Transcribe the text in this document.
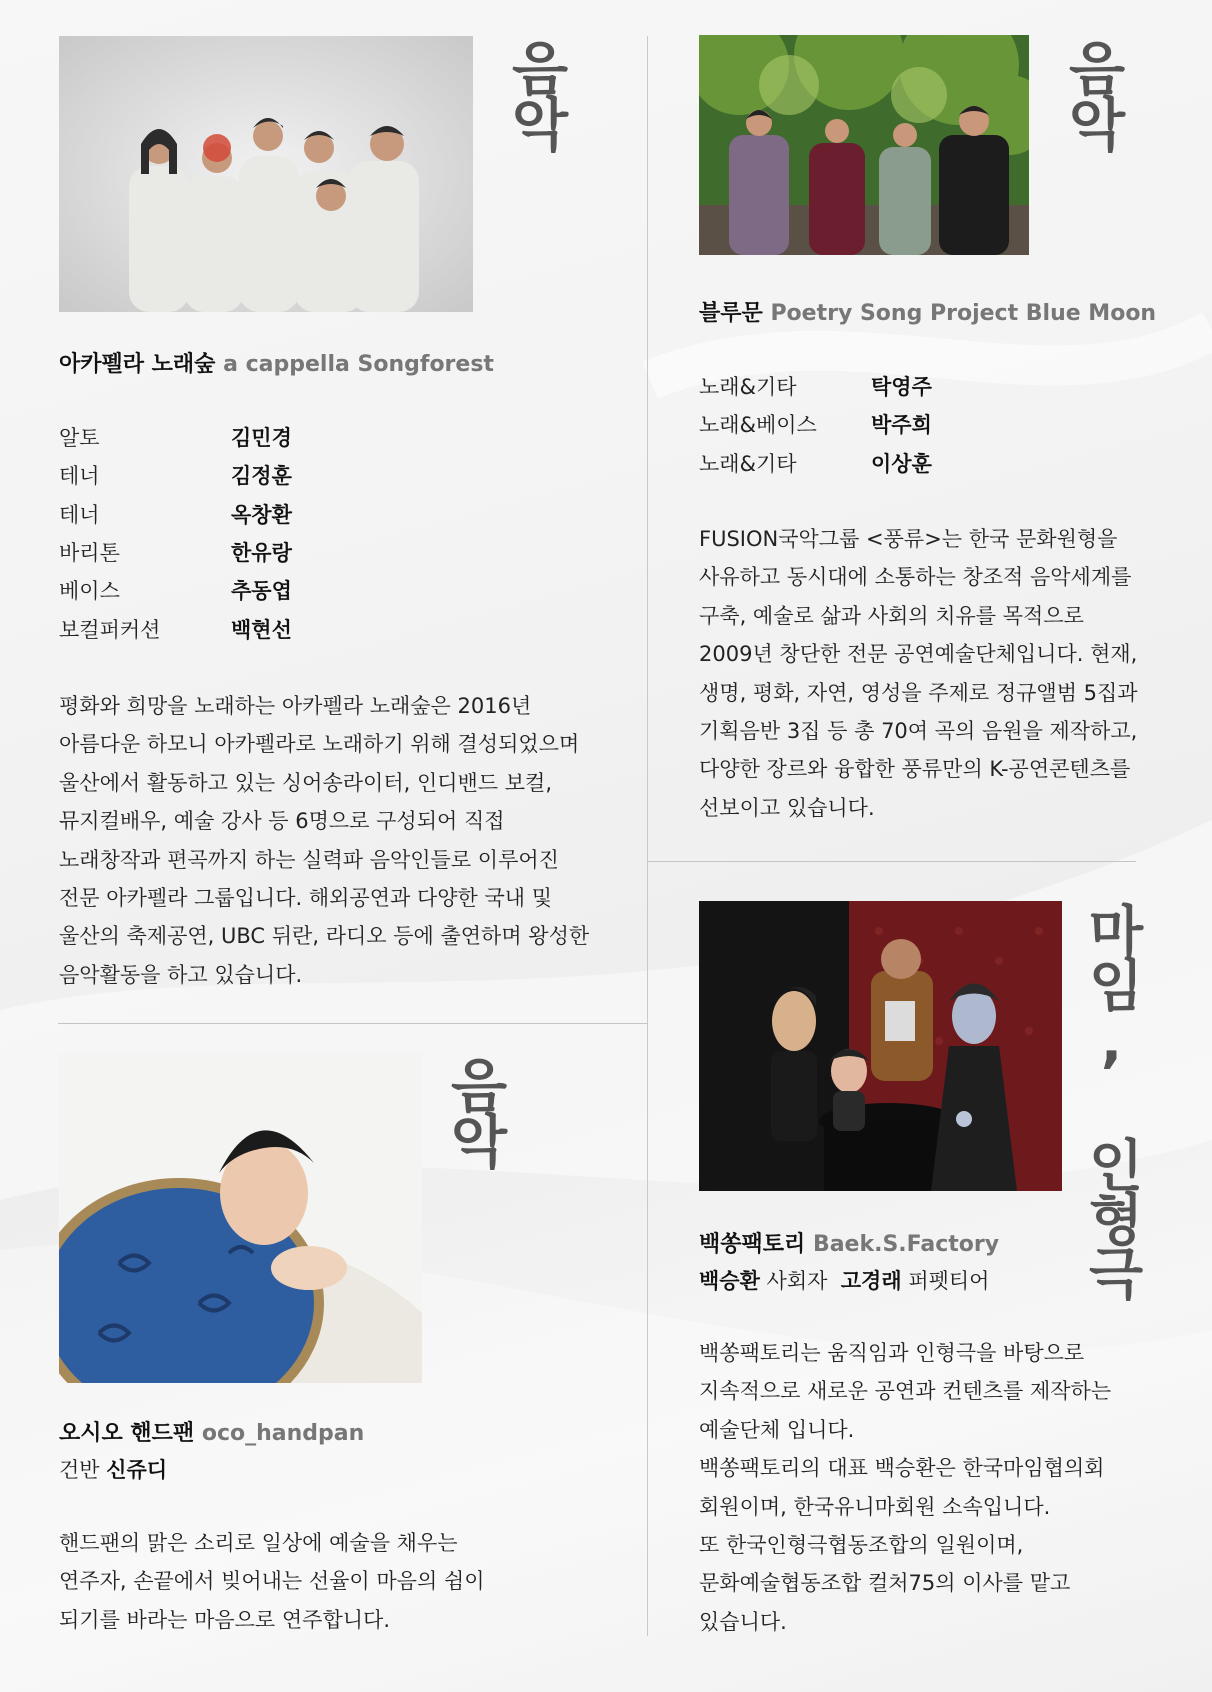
음악
아카펠라 노래숲 a cappella Songforest
알토	김민경
테너	김정훈
테너	옥창환
바리톤	한유랑
베이스	추동엽
보컬퍼커션	백현선
평화와 희망을 노래하는 아카펠라 노래숲은 2016년
아름다운 하모니 아카펠라로 노래하기 위해 결성되었으며
울산에서 활동하고 있는 싱어송라이터, 인디밴드 보컬,
뮤지컬배우, 예술 강사 등 6명으로 구성되어 직접
노래창작과 편곡까지 하는 실력파 음악인들로 이루어진
전문 아카펠라 그룹입니다. 해외공연과 다양한 국내 및
울산의 축제공연, UBC 뒤란, 라디오 등에 출연하며 왕성한
음악활동을 하고 있습니다.
음악
블루문 Poetry Song Project Blue Moon
노래&기타	탁영주
노래&베이스	박주희
노래&기타	이상훈
FUSION국악그룹 <풍류>는 한국 문화원형을
사유하고 동시대에 소통하는 창조적 음악세계를
구축, 예술로 삶과 사회의 치유를 목적으로
2009년 창단한 전문 공연예술단체입니다. 현재,
생명, 평화, 자연, 영성을 주제로 정규앨범 5집과
기획음반 3집 등 총 70여 곡의 음원을 제작하고,
다양한 장르와 융합한 풍류만의 K-공연콘텐츠를
선보이고 있습니다.
음악
오시오 핸드팬 oco_handpan
건반 신쥬디
핸드팬의 맑은 소리로 일상에 예술을 채우는
연주자, 손끝에서 빚어내는 선율이 마음의 쉼이
되기를 바라는 마음으로 연주합니다.
마임, 인형극
백쏭팩토리 Baek.S.Factory
백승환 사회자 고경래 퍼펫티어
백쏭팩토리는 움직임과 인형극을 바탕으로
지속적으로 새로운 공연과 컨텐츠를 제작하는
예술단체 입니다.
백쏭팩토리의 대표 백승환은 한국마임협의회
회원이며, 한국유니마회원 소속입니다.
또 한국인형극협동조합의 일원이며,
문화예술협동조합 컬처75의 이사를 맡고
있습니다.
